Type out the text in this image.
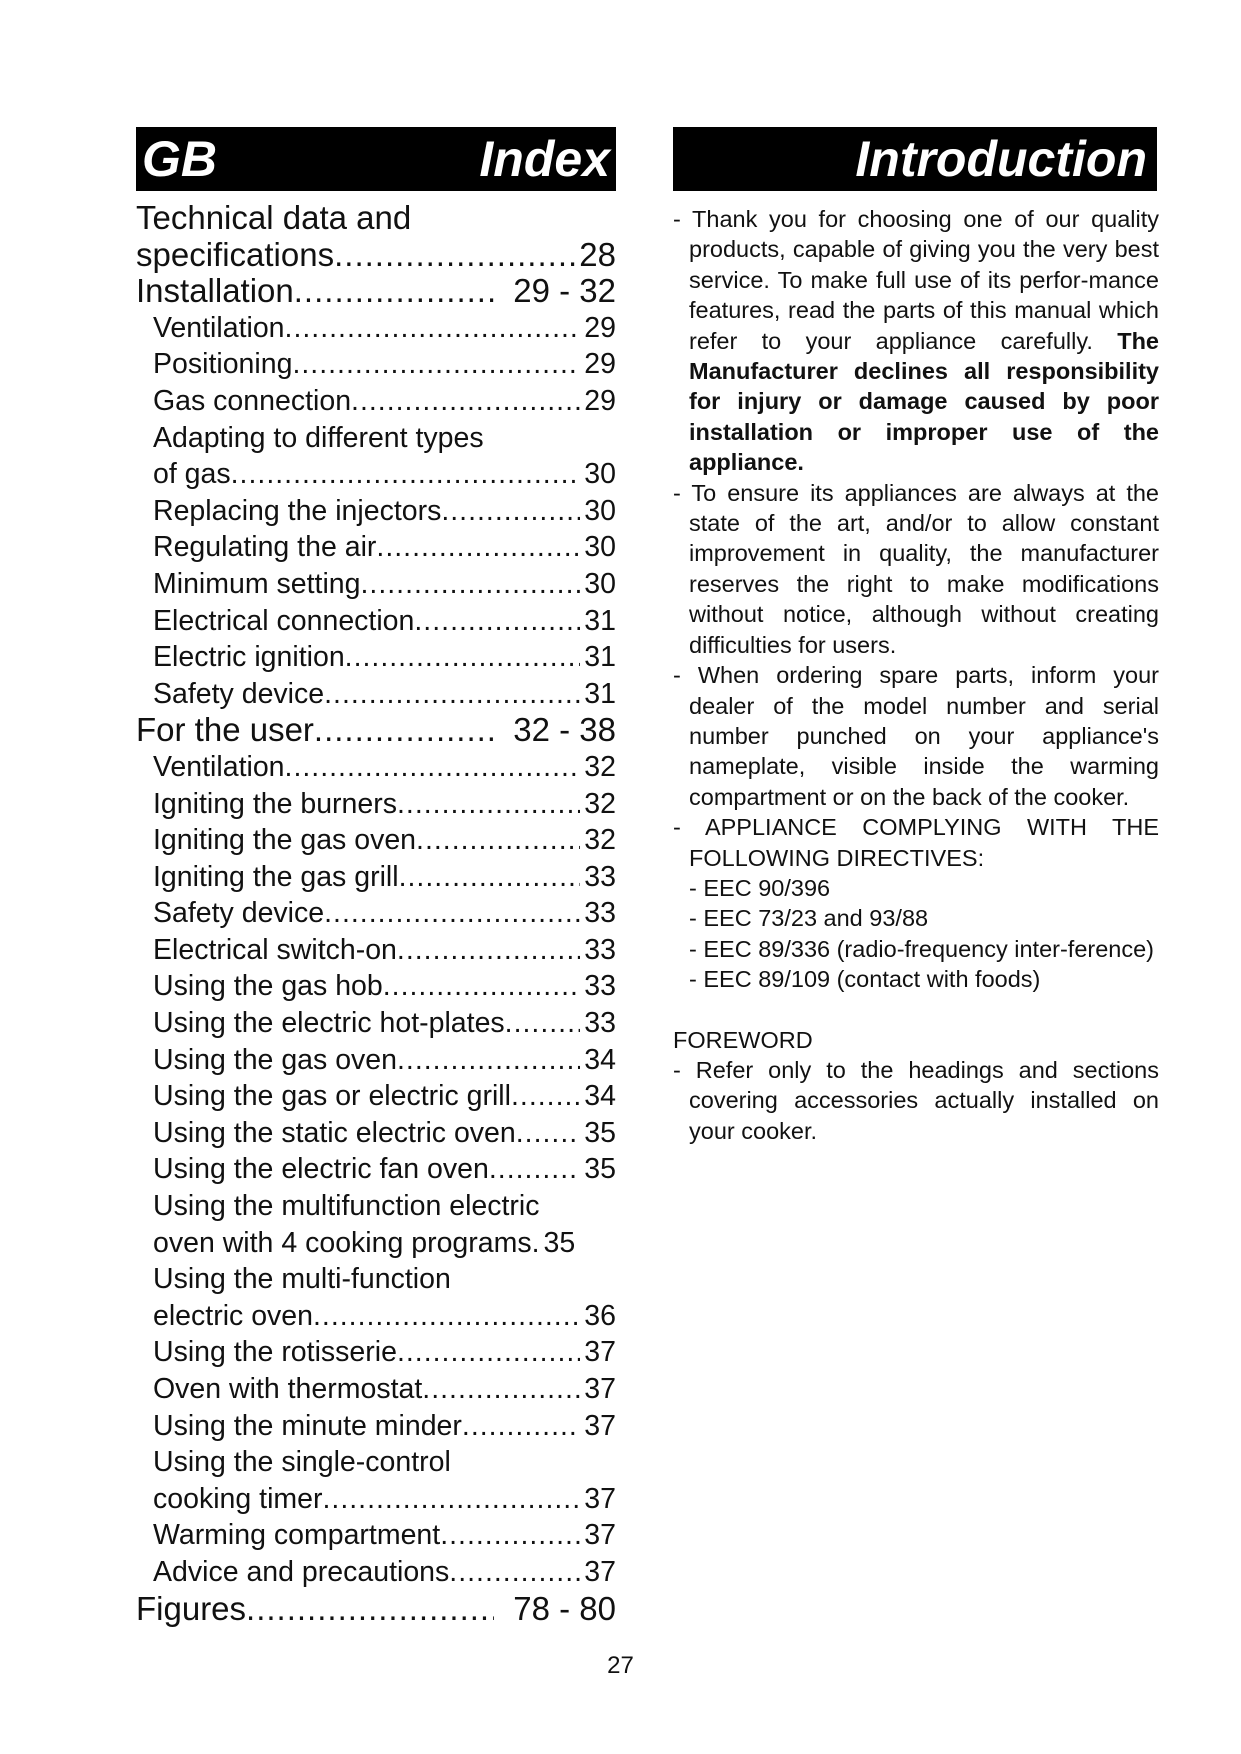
GB	Index	Introduction
Technical data and
specifications .....	28
Installation .....	29 - 32
Ventilation .....	29
Positioning .....	29
Gas connection .....	29
Adapting to different types
of gas .....	30
Replacing the injectors .....	30
Regulating the air .....	30
Minimum setting .....	30
Electrical connection .....	31
Electric ignition .....	31
Safety device .....	31
For the user .....	32 - 38
Ventilation .....	32
Igniting the burners .....	32
Igniting the gas oven .....	32
Igniting the gas grill .....	33
Safety device .....	33
Electrical switch-on .....	33
Using the gas hob .....	33
Using the electric hot-plates .....	33
Using the gas oven .....	34
Using the gas or electric grill .....	34
Using the static electric oven ..... 35
Using the electric fan oven .....	35
Using the multifunction electric
oven with 4 cooking programs. 35
Using the multi-function
electric oven .....	36
Using the rotisserie .....	37
Oven with thermostat .....	37
Using the minute minder .....	37
Using the single-control
cooking timer .....	37
Warming compartment .....	37
Advice and precautions .....	37
Figures .....	78 - 80

- Thank you for choosing one of our quality products, capable of giving you the very best service. To make full use of its perfor-mance features, read the parts of this manual which refer to your appliance carefully. The Manufacturer declines all responsibility for injury or damage caused by poor installation or improper use of the appliance.

- To ensure its appliances are always at the state of the art, and/or to allow constant improvement in quality, the manufacturer reserves the right to make modifications without notice, although without creating difficulties for users.

- When ordering spare parts, inform your dealer of the model number and serial number punched on your appliance's nameplate, visible inside the warming compartment or on the back of the cooker.

- APPLIANCE COMPLYING WITH THE FOLLOWING DIRECTIVES:

- EEC 90/396

- EEC 73/23 and 93/88

- EEC 89/336 (radio-frequency inter-ference)

- EEC 89/109 (contact with foods)

FOREWORD

- Refer only to the headings and sections covering accessories actually installed on your cooker.

27
